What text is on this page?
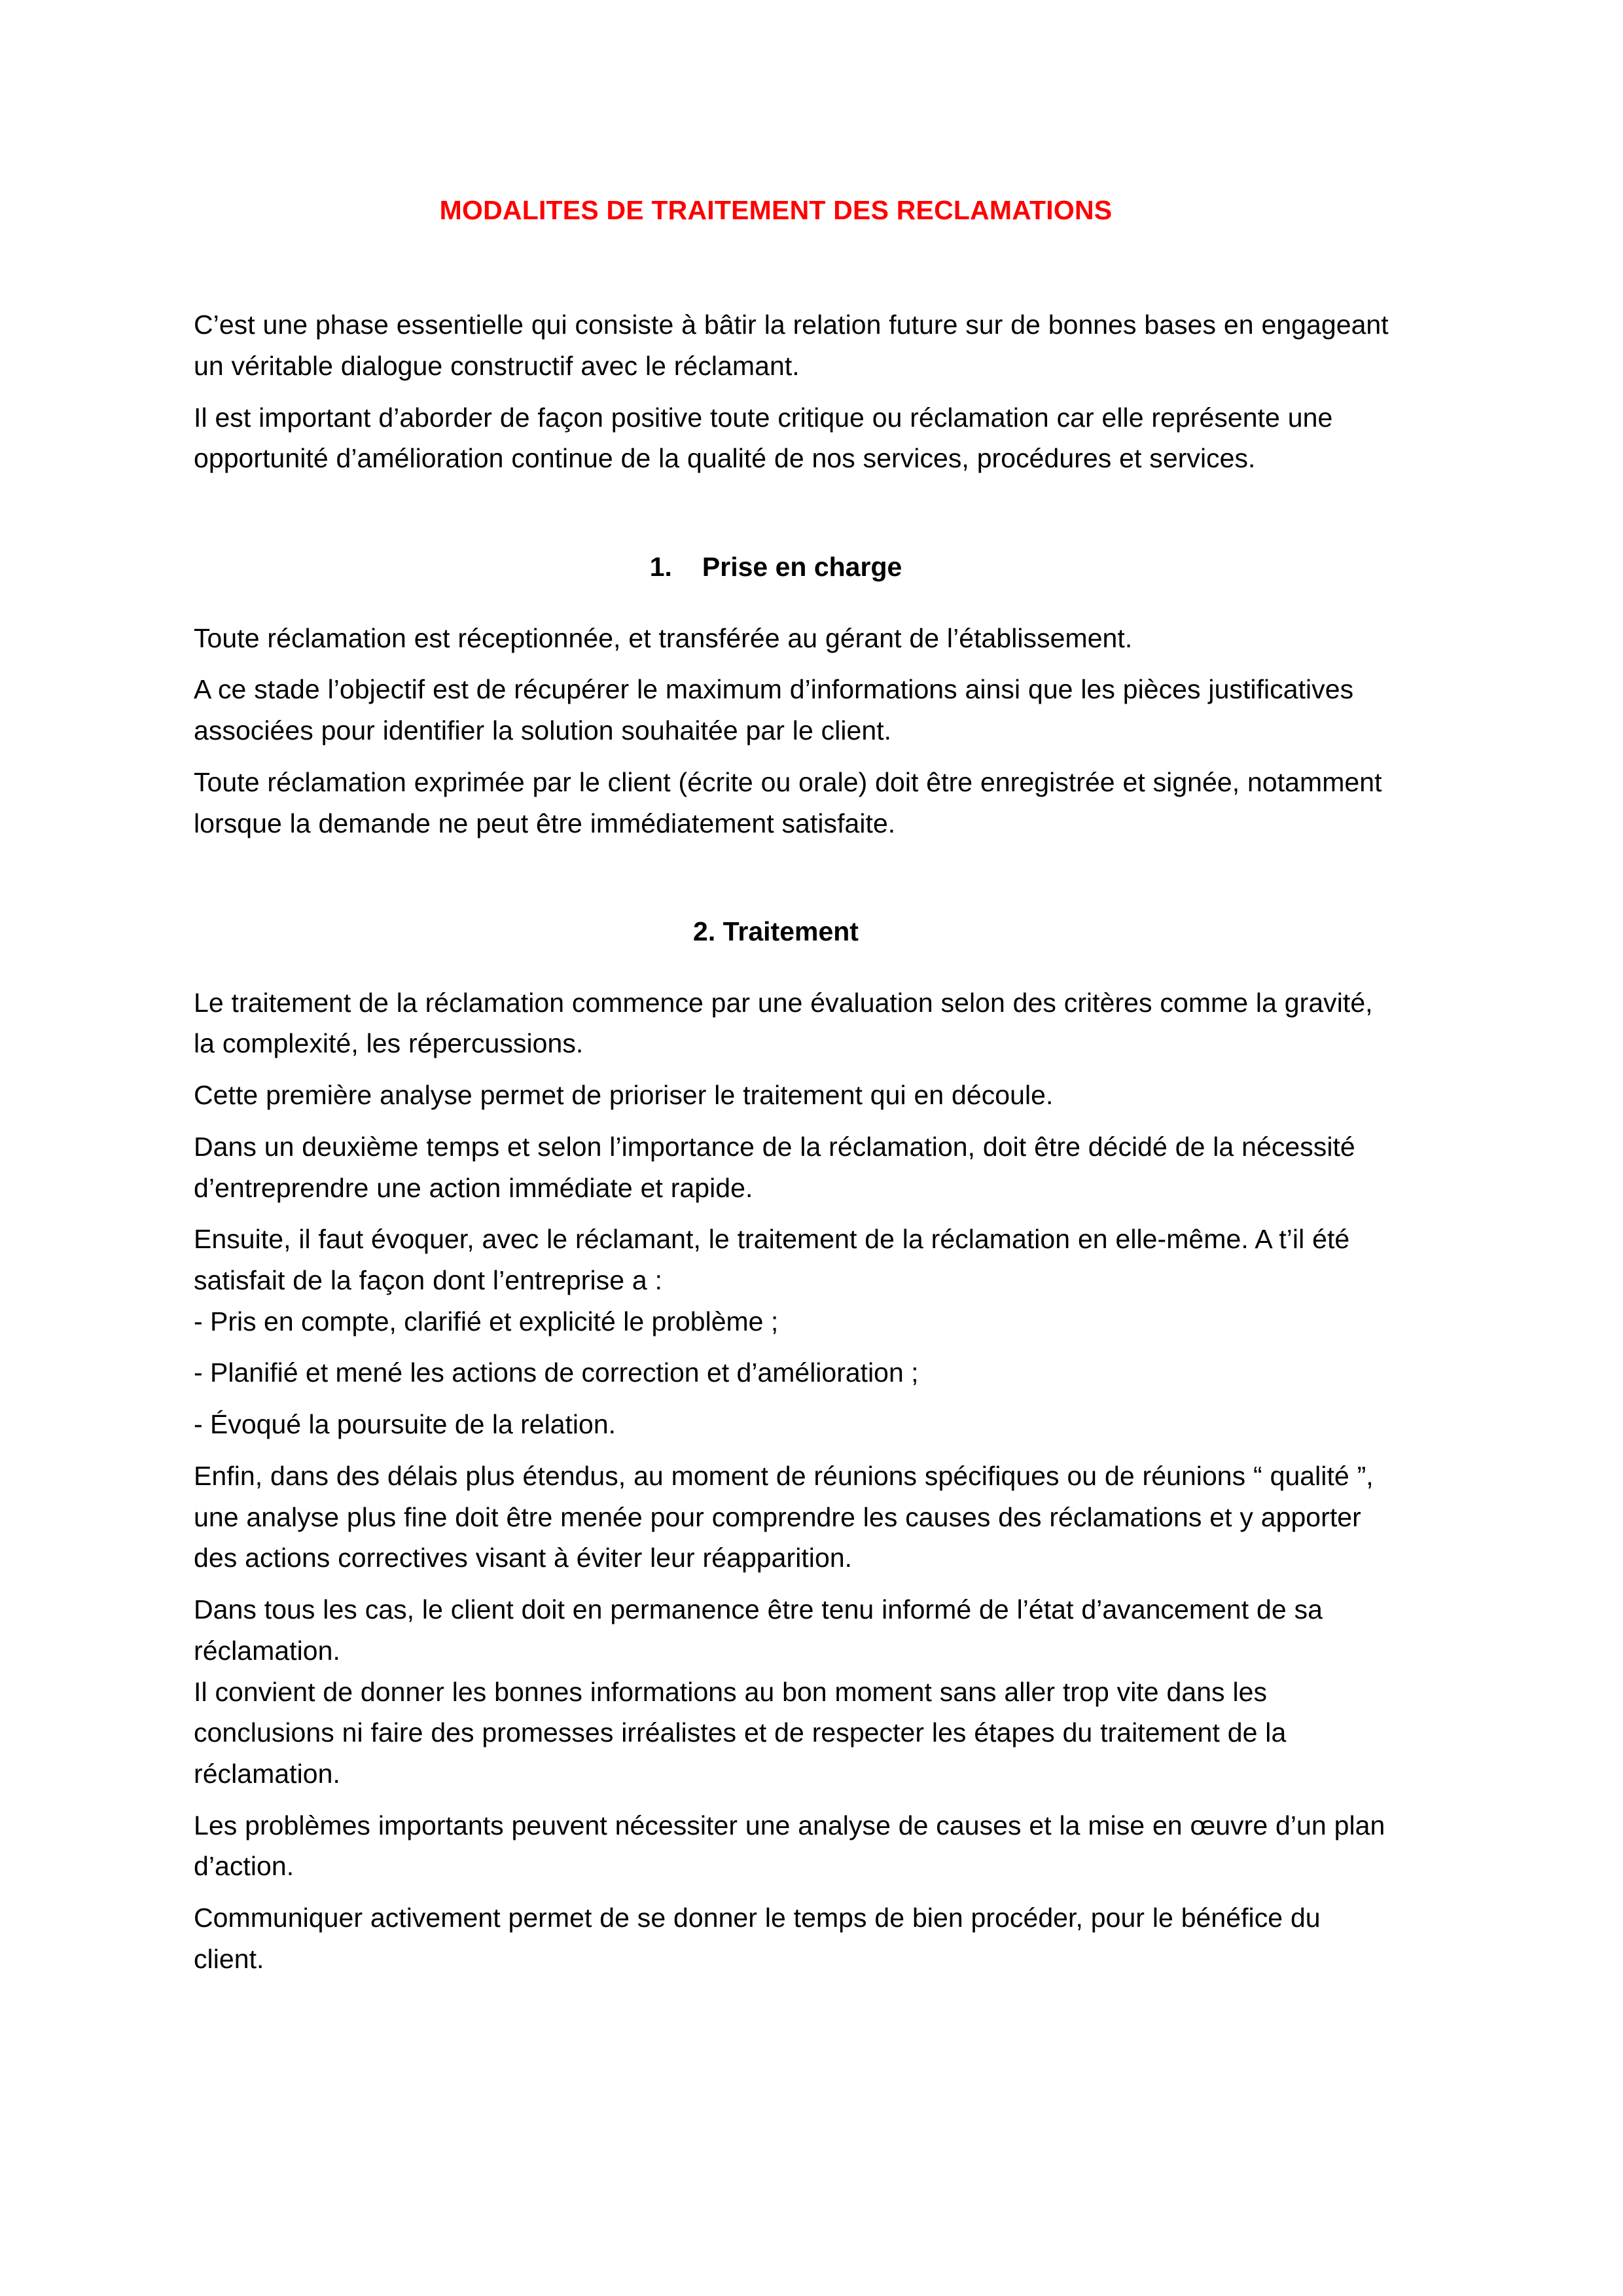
MODALITES DE TRAITEMENT DES RECLAMATIONS

C’est une phase essentielle qui consiste à bâtir la relation future sur de bonnes bases en engageant un véritable dialogue constructif avec le réclamant.

Il est important d’aborder de façon positive toute critique ou réclamation car elle représente une opportunité d’amélioration continue de la qualité de nos services, procédures et services.

1. Prise en charge

Toute réclamation est réceptionnée, et transférée au gérant de l’établissement.

A ce stade l’objectif est de récupérer le maximum d’informations ainsi que les pièces justificatives associées pour identifier la solution souhaitée par le client.

Toute réclamation exprimée par le client (écrite ou orale) doit être enregistrée et signée, notamment lorsque la demande ne peut être immédiatement satisfaite.

2. Traitement

Le traitement de la réclamation commence par une évaluation selon des critères comme la gravité, la complexité, les répercussions.

Cette première analyse permet de prioriser le traitement qui en découle.

Dans un deuxième temps et selon l’importance de la réclamation, doit être décidé de la nécessité d’entreprendre une action immédiate et rapide.

Ensuite, il faut évoquer, avec le réclamant, le traitement de la réclamation en elle-même. A t’il été satisfait de la façon dont l’entreprise a :

- Pris en compte, clarifié et explicité le problème ;

- Planifié et mené les actions de correction et d’amélioration ;

- Évoqué la poursuite de la relation.

Enfin, dans des délais plus étendus, au moment de réunions spécifiques ou de réunions “ qualité ”, une analyse plus fine doit être menée pour comprendre les causes des réclamations et y apporter des actions correctives visant à éviter leur réapparition.

Dans tous les cas, le client doit en permanence être tenu informé de l’état d’avancement de sa réclamation.

Il convient de donner les bonnes informations au bon moment sans aller trop vite dans les conclusions ni faire des promesses irréalistes et de respecter les étapes du traitement de la réclamation.

Les problèmes importants peuvent nécessiter une analyse de causes et la mise en œuvre d’un plan d’action.

Communiquer activement permet de se donner le temps de bien procéder, pour le bénéfice du client.
